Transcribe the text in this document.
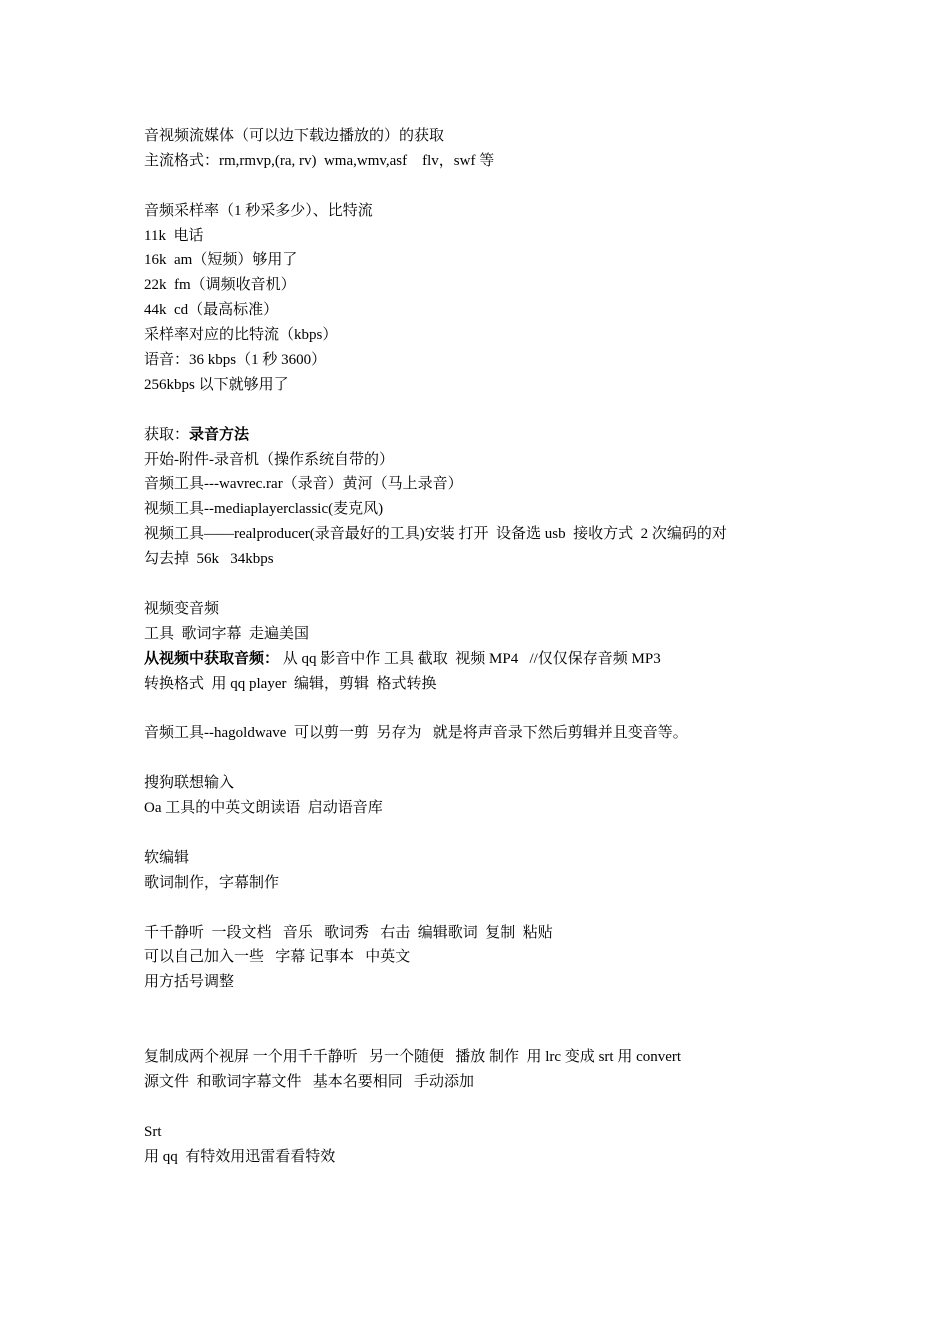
音视频流媒体（可以边下载边播放的）的获取
主流格式：rm,rmvp,(ra, rv)  wma,wmv,asf    flv，swf 等
音频采样率（1 秒采多少）、比特流
11k  电话
16k  am（短频）够用了
22k  fm（调频收音机）
44k  cd（最高标准）
采样率对应的比特流（kbps）
语音：36 kbps（1 秒 3600）
256kbps 以下就够用了
获取：录音方法
开始-附件-录音机（操作系统自带的）
音频工具---wavrec.rar（录音）黄河（马上录音）
视频工具--mediaplayerclassic(麦克风)
视频工具——realproducer(录音最好的工具)安装 打开  设备选 usb  接收方式  2 次编码的对
勾去掉  56k   34kbps
视频变音频
工具  歌词字幕  走遍美国
从视频中获取音频： 从 qq 影音中作 工具 截取  视频 MP4   //仅仅保存音频 MP3
转换格式  用 qq player  编辑，剪辑  格式转换
音频工具--hagoldwave  可以剪一剪  另存为   就是将声音录下然后剪辑并且变音等。
搜狗联想输入
Oa 工具的中英文朗读语  启动语音库
软编辑
歌词制作，字幕制作
千千静听  一段文档   音乐   歌词秀   右击  编辑歌词  复制  粘贴
可以自己加入一些   字幕 记事本   中英文
用方括号调整
复制成两个视屏 一个用千千静听   另一个随便   播放 制作  用 lrc 变成 srt 用 convert
源文件  和歌词字幕文件   基本名要相同   手动添加
Srt
用 qq  有特效用迅雷看看特效
